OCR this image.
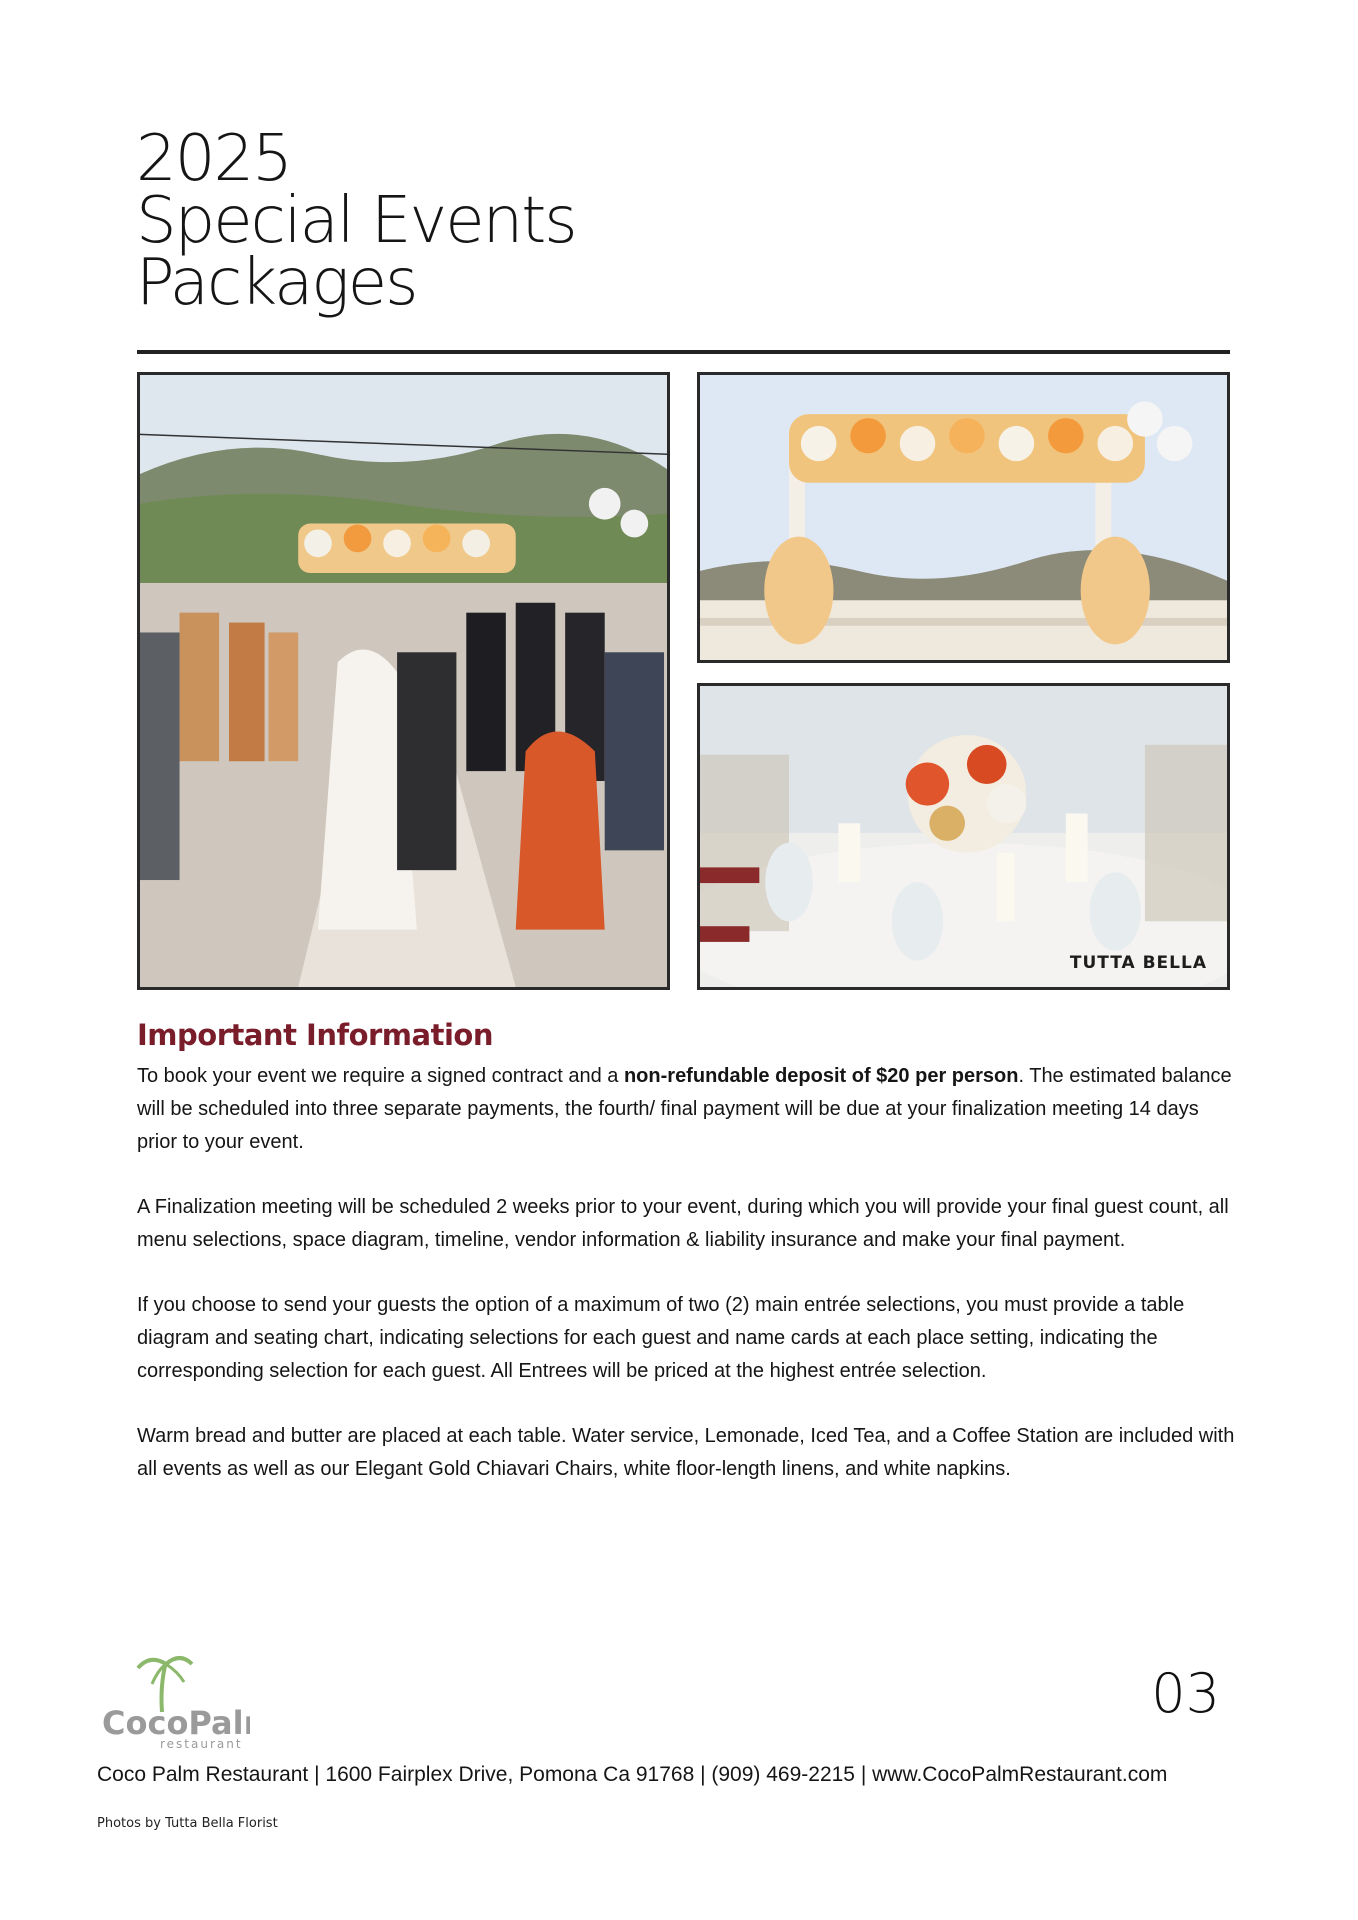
2025
Special Events
Packages
TUTTA BELLA
Important Information

To book your event we require a signed contract and a non-refundable deposit of $20 per person. The estimated balance will be scheduled into three separate payments, the fourth/ final payment will be due at your finalization meeting 14 days prior to your event.

A Finalization meeting will be scheduled 2 weeks prior to your event, during which you will provide your final guest count, all menu selections, space diagram, timeline, vendor information & liability insurance and make your final payment.

If you choose to send your guests the option of a maximum of two (2) main entrée selections, you must provide a table diagram and seating chart, indicating selections for each guest and name cards at each place setting, indicating the corresponding selection for each guest. All Entrees will be priced at the highest entrée selection.

Warm bread and butter are placed at each table. Water service, Lemonade, Iced Tea, and a Coffee Station are included with all events as well as our Elegant Gold Chiavari Chairs, white floor-length linens, and white napkins.

CocoPal
restaurant
03
Coco Palm Restaurant | 1600 Fairplex Drive, Pomona Ca 91768 | (909) 469-2215 | www.CocoPalmRestaurant.com
Photos by Tutta Bella Florist
